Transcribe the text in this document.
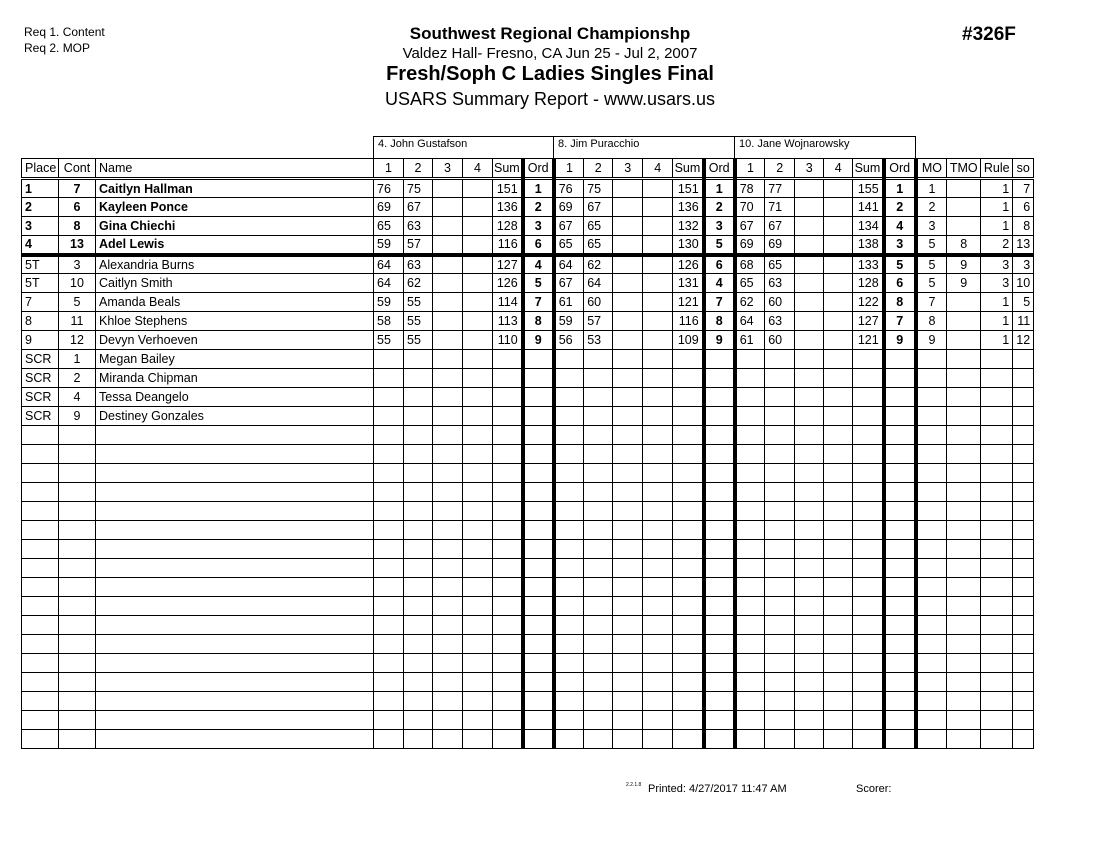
Req 1. Content
Req 2. MOP
Southwest Regional Championshp
Valdez Hall- Fresno, CA Jun 25 - Jul 2, 2007
Fresh/Soph C Ladies Singles Final
USARS Summary Report - www.usars.us
#326F
4. John Gustafson	8. Jim Puracchio	10. Jane Wojnarowsky
Place	Cont	Name	1	2	3	4	Sum	Ord	1	2	3	4	Sum	Ord	1	2	3	4	Sum	Ord	MO	TMO	Rule	so
1	7	Caitlyn Hallman	76	75			151	1	76	75			151	1	78	77			155	1	1		1	7
2	6	Kayleen Ponce	69	67			136	2	69	67			136	2	70	71			141	2	2		1	6
3	8	Gina Chiechi	65	63			128	3	67	65			132	3	67	67			134	4	3		1	8
4	13	Adel Lewis	59	57			116	6	65	65			130	5	69	69			138	3	5	8	2	13
5T	3	Alexandria Burns	64	63			127	4	64	62			126	6	68	65			133	5	5	9	3	3
5T	10	Caitlyn Smith	64	62			126	5	67	64			131	4	65	63			128	6	5	9	3	10
7	5	Amanda Beals	59	55			114	7	61	60			121	7	62	60			122	8	7		1	5
8	11	Khloe Stephens	58	55			113	8	59	57			116	8	64	63			127	7	8		1	11
9	12	Devyn Verhoeven	55	55			110	9	56	53			109	9	61	60			121	9	9		1	12
SCR	1	Megan Bailey																						
SCR	2	Miranda Chipman																						
SCR	4	Tessa Deangelo																						
SCR	9	Destiney Gonzales																						

2.2.1.8 Printed: 4/27/2017 11:47 AM	Scorer:
